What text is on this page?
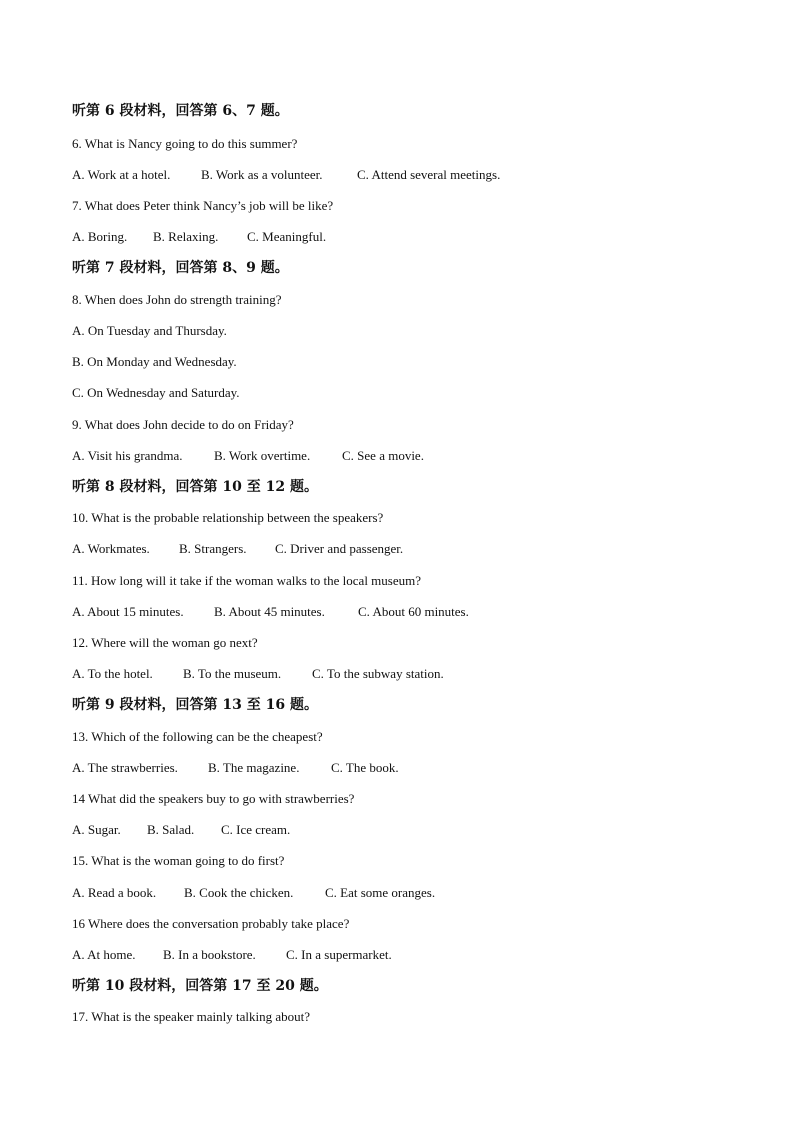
听第 6 段材料，回答第 6、7 题。
6. What is Nancy going to do this summer?
A. Work at a hotel. B. Work as a volunteer.	C. Attend several meetings.
7. What does Peter think Nancy’s job will be like?
A. Boring. B. Relaxing. C. Meaningful.
听第 7 段材料，回答第 8、9 题。
8. When does John do strength training?
A. On Tuesday and Thursday.
B. On Monday and Wednesday.
C. On Wednesday and Saturday.
9. What does John decide to do on Friday?
A. Visit his grandma. B. Work overtime. C. See a movie.
听第 8 段材料，回答第 10 至 12 题。
10. What is the probable relationship between the speakers?
A. Workmates. B. Strangers. C. Driver and passenger.
11. How long will it take if the woman walks to the local museum?
A. About 15 minutes. B. About 45 minutes.	C. About 60 minutes.
12. Where will the woman go next?
A. To the hotel. B. To the museum. C. To the subway station.
听第 9 段材料，回答第 13 至 16 题。
13. Which of the following can be the cheapest?
A. The strawberries. B. The magazine. C. The book.
14 What did the speakers buy to go with strawberries?
A. Sugar. B. Salad. C. Ice cream.
15. What is the woman going to do first?
A. Read a book. B. Cook the chicken. C. Eat some oranges.
16 Where does the conversation probably take place?
A. At home. B. In a bookstore. C. In a supermarket.
听第 10 段材料，回答第 17 至 20 题。
17. What is the speaker mainly talking about?
